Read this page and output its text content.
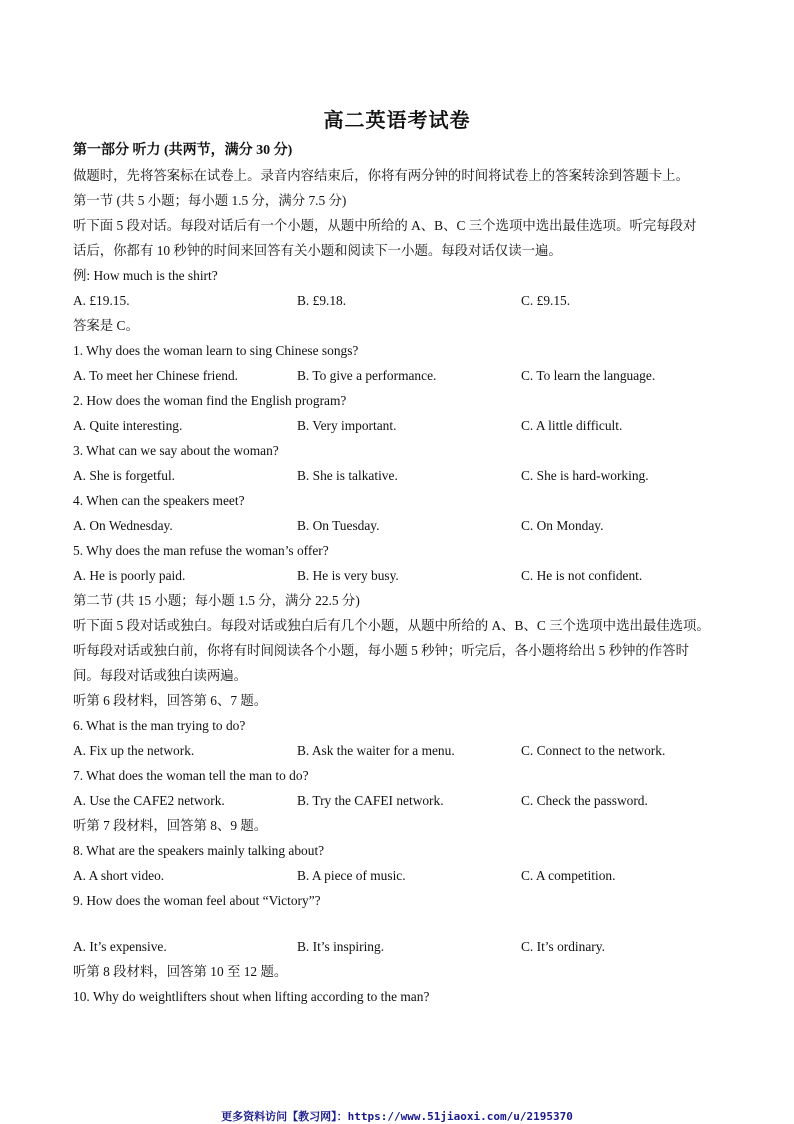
高二英语考试卷
第一部分 听力 (共两节，满分 30 分)
做题时，先将答案标在试卷上。录音内容结束后，你将有两分钟的时间将试卷上的答案转涂到答题卡上。
第一节 (共 5 小题；每小题 1.5 分，满分 7.5 分)
听下面 5 段对话。每段对话后有一个小题，从题中所给的 A、B、C 三个选项中选出最佳选项。听完每段对
话后，你都有 10 秒钟的时间来回答有关小题和阅读下一小题。每段对话仅读一遍。
例: How much is the shirt?
A. £19.15.	B. £9.18.	C. £9.15.
答案是 C。
1. Why does the woman learn to sing Chinese songs?
A. To meet her Chinese friend.	B. To give a performance.	C. To learn the language.
2. How does the woman find the English program?
A. Quite interesting.	B. Very important.	C. A little difficult.
3. What can we say about the woman?
A. She is forgetful.	B. She is talkative.	C. She is hard-working.
4. When can the speakers meet?
A. On Wednesday.	B. On Tuesday.	C. On Monday.
5. Why does the man refuse the woman’s offer?
A. He is poorly paid.	B. He is very busy.	C. He is not confident.
第二节 (共 15 小题；每小题 1.5 分，满分 22.5 分)
听下面 5 段对话或独白。每段对话或独白后有几个小题，从题中所给的 A、B、C 三个选项中选出最佳选项。
听每段对话或独白前，你将有时间阅读各个小题，每小题 5 秒钟；听完后，各小题将给出 5 秒钟的作答时
间。每段对话或独白读两遍。
听第 6 段材料，回答第 6、7 题。
6. What is the man trying to do?
A. Fix up the network.	B. Ask the waiter for a menu.	C. Connect to the network.
7. What does the woman tell the man to do?
A. Use the CAFE2 network.	B. Try the CAFEI network.	C. Check the password.
听第 7 段材料，回答第 8、9 题。
8. What are the speakers mainly talking about?
A. A short video.	B. A piece of music.	C. A competition.
9. How does the woman feel about “Victory”?
A. It’s expensive.	B. It’s inspiring.	C. It’s ordinary.
听第 8 段材料，回答第 10 至 12 题。
10. Why do weightlifters shout when lifting according to the man?
更多资料访问【教习网】：https://www.51jiaoxi.com/u/2195370
